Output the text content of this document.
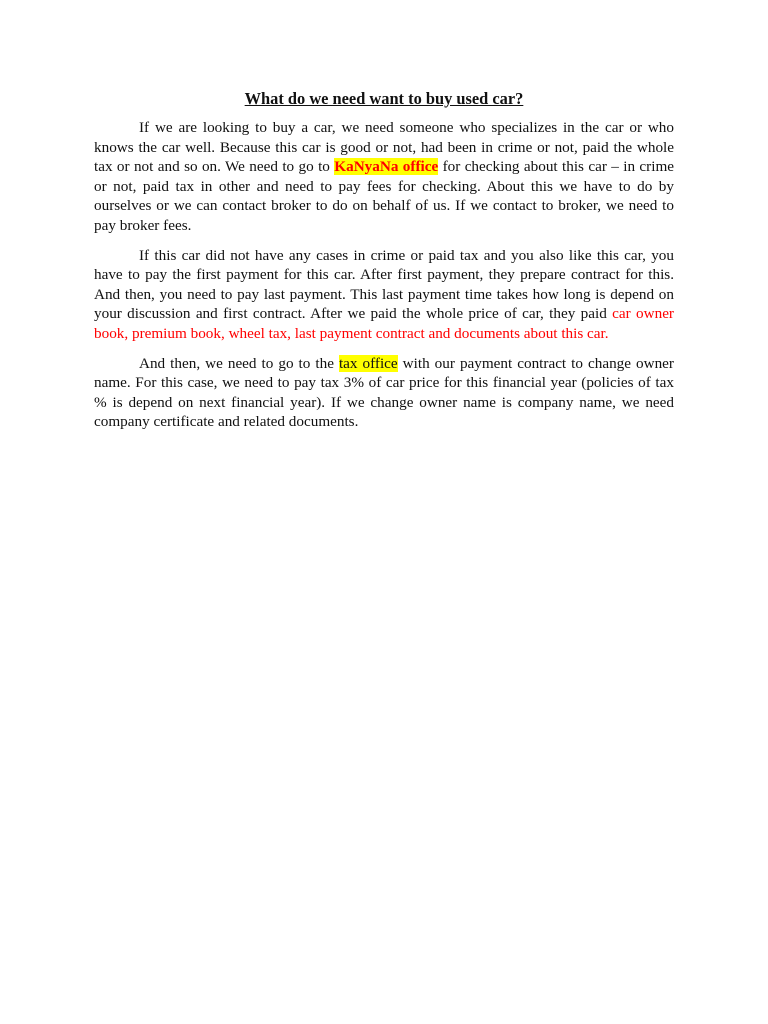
What do we need want to buy used car?

If we are looking to buy a car, we need someone who specializes in the car or who knows the car well. Because this car is good or not, had been in crime or not, paid the whole tax or not and so on. We need to go to KaNyaNa office for checking about this car – in crime or not, paid tax in other and need to pay fees for checking. About this we have to do by ourselves or we can contact broker to do on behalf of us. If we contact to broker, we need to pay broker fees.

If this car did not have any cases in crime or paid tax and you also like this car, you have to pay the first payment for this car. After first payment, they prepare contract for this. And then, you need to pay last payment. This last payment time takes how long is depend on your discussion and first contract. After we paid the whole price of car, they paid car owner book, premium book, wheel tax, last payment contract and documents about this car.

And then, we need to go to the tax office with our payment contract to change owner name. For this case, we need to pay tax 3% of car price for this financial year (policies of tax % is depend on next financial year). If we change owner name is company name, we need company certificate and related documents.
